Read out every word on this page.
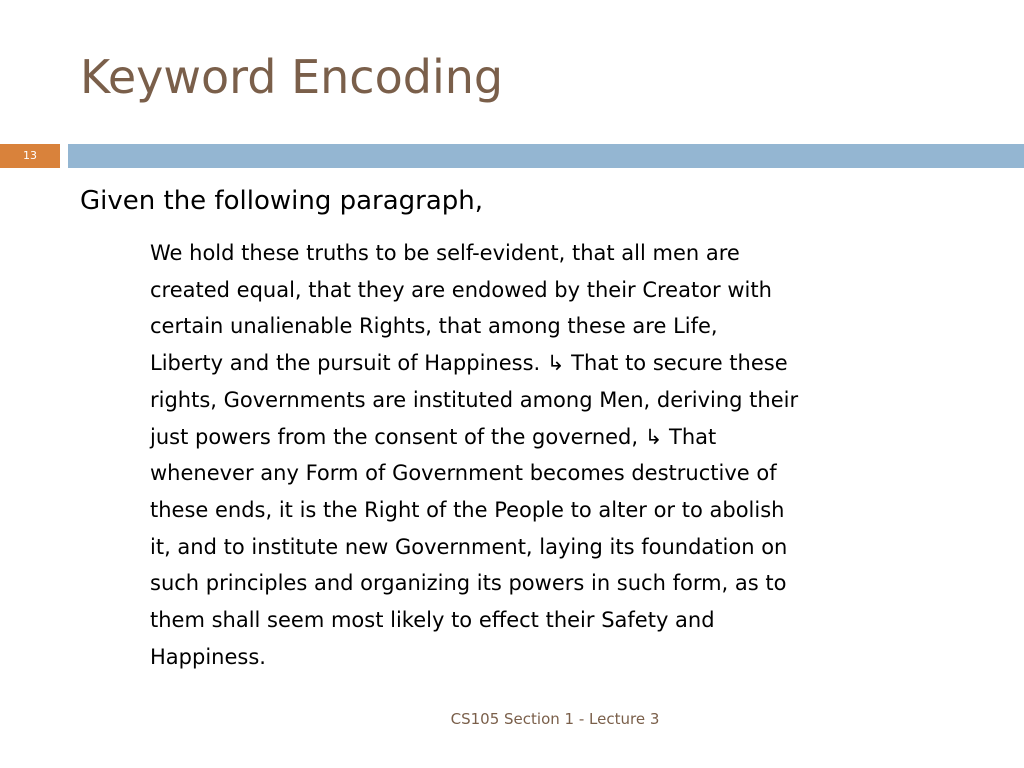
Keyword Encoding
13
Given the following paragraph,

We hold these truths to be self-evident, that all men are
created equal, that they are endowed by their Creator with
certain unalienable Rights, that among these are Life,
Liberty and the pursuit of Happiness. ↳ That to secure these
rights, Governments are instituted among Men, deriving their
just powers from the consent of the governed, ↳ That
whenever any Form of Government becomes destructive of
these ends, it is the Right of the People to alter or to abolish
it, and to institute new Government, laying its foundation on
such principles and organizing its powers in such form, as to
them shall seem most likely to effect their Safety and
Happiness.

CS105 Section 1 - Lecture 3
